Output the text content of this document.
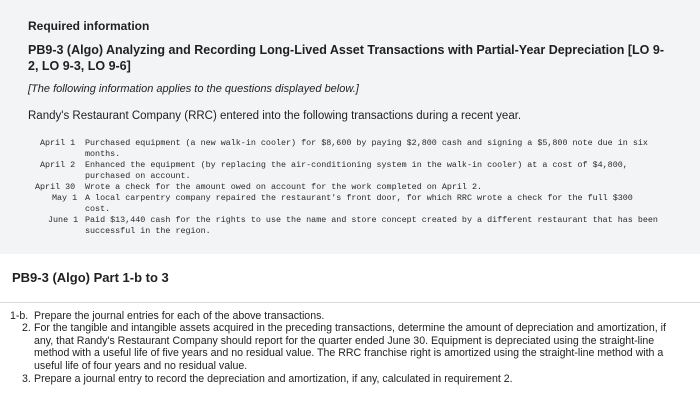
Required information
PB9-3 (Algo) Analyzing and Recording Long-Lived Asset Transactions with Partial-Year Depreciation [LO 9-2, LO 9-3, LO 9-6]
[The following information applies to the questions displayed below.]
Randy's Restaurant Company (RRC) entered into the following transactions during a recent year.
April 1 Purchased equipment (a new walk-in cooler) for $8,600 by paying $2,800 cash and signing a $5,800 note due in six months.
April 2 Enhanced the equipment (by replacing the air-conditioning system in the walk-in cooler) at a cost of $4,800, purchased on account.
April 30 Wrote a check for the amount owed on account for the work completed on April 2.
May 1 A local carpentry company repaired the restaurant's front door, for which RRC wrote a check for the full $300 cost.
June 1 Paid $13,440 cash for the rights to use the name and store concept created by a different restaurant that has been successful in the region.
PB9-3 (Algo) Part 1-b to 3
1-b. Prepare the journal entries for each of the above transactions.
2. For the tangible and intangible assets acquired in the preceding transactions, determine the amount of depreciation and amortization, if any, that Randy's Restaurant Company should report for the quarter ended June 30. Equipment is depreciated using the straight-line method with a useful life of five years and no residual value. The RRC franchise right is amortized using the straight-line method with a useful life of four years and no residual value.
3. Prepare a journal entry to record the depreciation and amortization, if any, calculated in requirement 2.
